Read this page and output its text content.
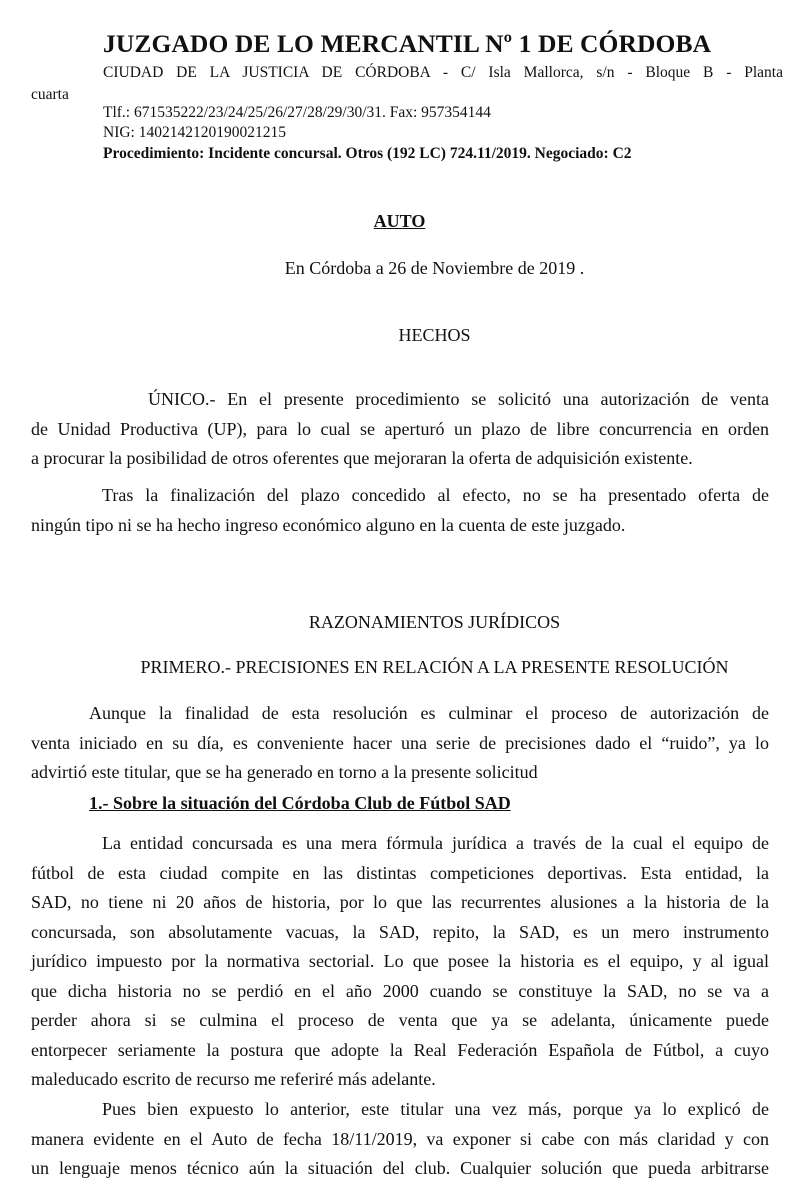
JUZGADO DE LO MERCANTIL Nº 1 DE CÓRDOBA
CIUDAD DE LA JUSTICIA DE CÓRDOBA - C/ Isla Mallorca, s/n - Bloque B - Planta
cuarta
Tlf.: 671535222/23/24/25/26/27/28/29/30/31. Fax: 957354144
NIG: 1402142120190021215
Procedimiento: Incidente concursal. Otros (192 LC) 724.11/2019. Negociado: C2
AUTO
En Córdoba a 26 de Noviembre de 2019 .
HECHOS
ÚNICO.- En el presente procedimiento se solicitó una autorización de venta
de Unidad Productiva (UP), para lo cual se aperturó un plazo de libre concurrencia en orden
a procurar la posibilidad de otros oferentes que mejoraran la oferta de adquisición existente.
Tras la finalización del plazo concedido al efecto, no se ha presentado oferta de
ningún tipo ni se ha hecho ingreso económico alguno en la cuenta de este juzgado.
RAZONAMIENTOS JURÍDICOS
PRIMERO.- PRECISIONES EN RELACIÓN A LA PRESENTE RESOLUCIÓN
Aunque la finalidad de esta resolución es culminar el proceso de autorización de
venta iniciado en su día, es conveniente hacer una serie de precisiones dado el “ruido”, ya lo
advirtió este titular, que se ha generado en torno a la presente solicitud
1.- Sobre la situación del Córdoba Club de Fútbol SAD
La entidad concursada es una mera fórmula jurídica a través de la cual el equipo de
fútbol de esta ciudad compite en las distintas competiciones deportivas. Esta entidad, la
SAD, no tiene ni 20 años de historia, por lo que las recurrentes alusiones a la historia de la
concursada, son absolutamente vacuas, la SAD, repito, la SAD, es un mero instrumento
jurídico impuesto por la normativa sectorial. Lo que posee la historia es el equipo, y al igual
que dicha historia no se perdió en el año 2000 cuando se constituye la SAD, no se va a
perder ahora si se culmina el proceso de venta que ya se adelanta, únicamente puede
entorpecer seriamente la postura que adopte la Real Federación Española de Fútbol, a cuyo
maleducado escrito de recurso me referiré más adelante.
Pues bien expuesto lo anterior, este titular una vez más, porque ya lo explicó de
manera evidente en el Auto de fecha 18/11/2019, va exponer si cabe con más claridad y con
un lenguaje menos técnico aún la situación del club. Cualquier solución que pueda arbitrarse
